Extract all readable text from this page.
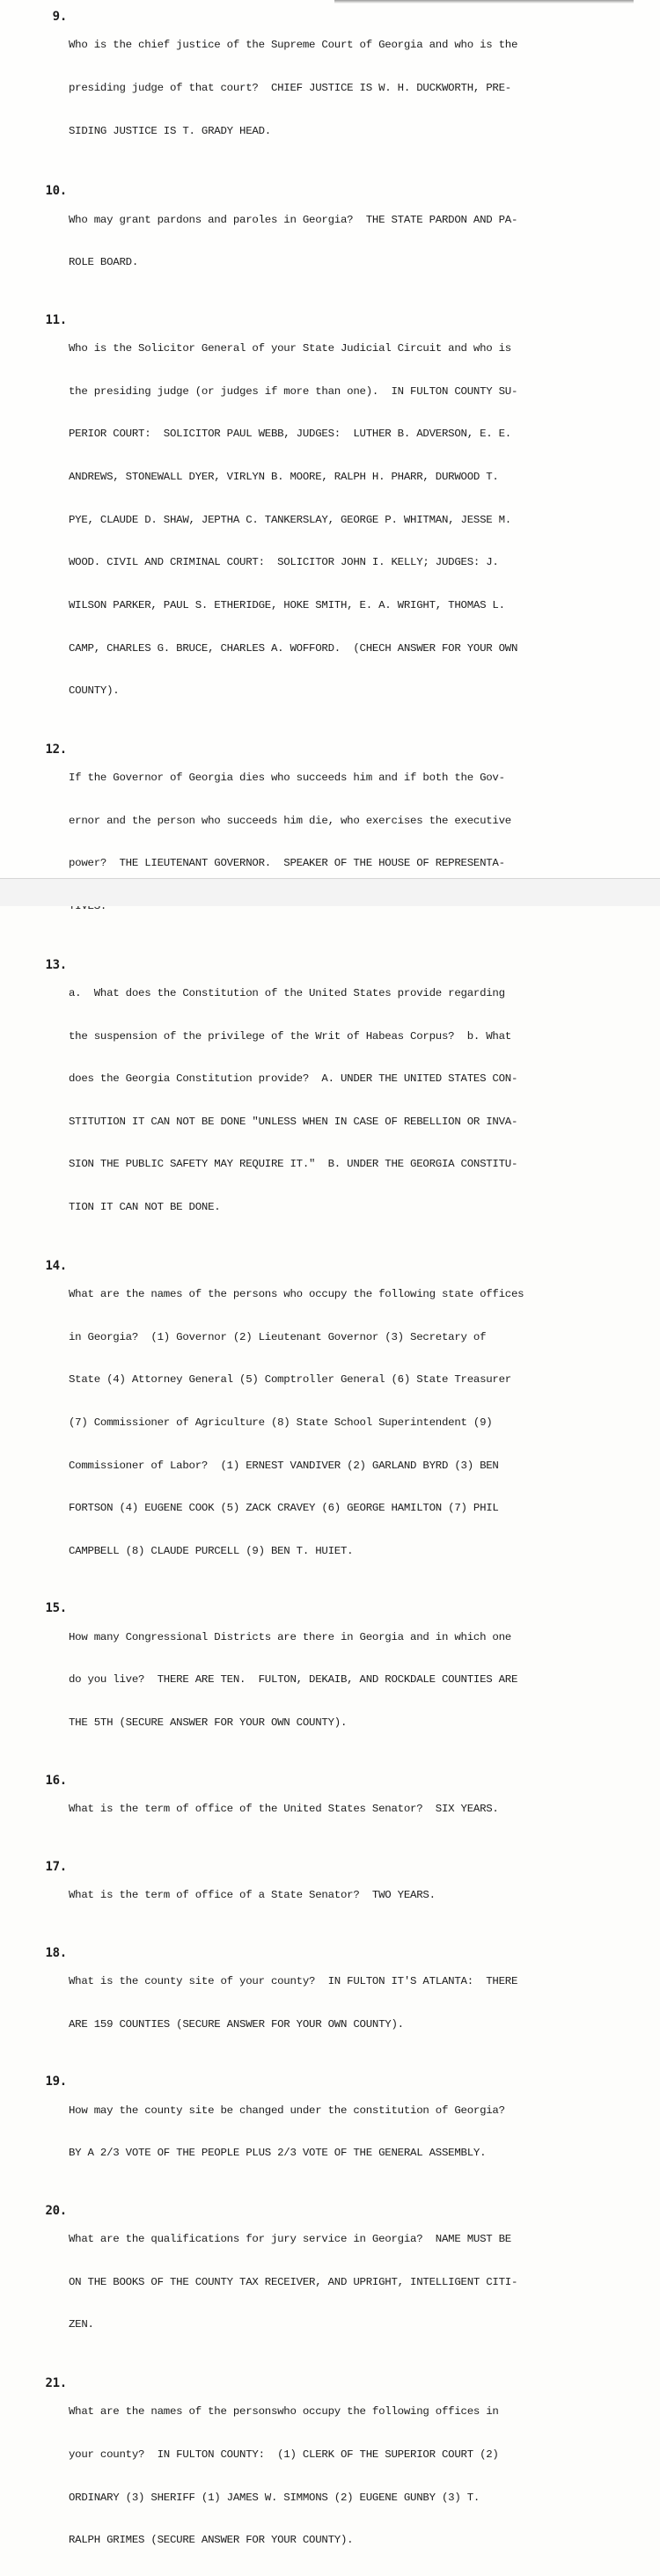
9.

Who is the chief justice of the Supreme Court of Georgia and who is the

presiding judge of that court?  CHIEF JUSTICE IS W. H. DUCKWORTH, PRE-

SIDING JUSTICE IS T. GRADY HEAD.

10.

Who may grant pardons and paroles in Georgia?  THE STATE PARDON AND PA-

ROLE BOARD.

11.

Who is the Solicitor General of your State Judicial Circuit and who is

the presiding judge (or judges if more than one).  IN FULTON COUNTY SU-

PERIOR COURT:  SOLICITOR PAUL WEBB, JUDGES:  LUTHER B. ADVERSON, E. E.

ANDREWS, STONEWALL DYER, VIRLYN B. MOORE, RALPH H. PHARR, DURWOOD T.

PYE, CLAUDE D. SHAW, JEPTHA C. TANKERSLAY, GEORGE P. WHITMAN, JESSE M.

WOOD. CIVIL AND CRIMINAL COURT:  SOLICITOR JOHN I. KELLY; JUDGES: J.

WILSON PARKER, PAUL S. ETHERIDGE, HOKE SMITH, E. A. WRIGHT, THOMAS L.

CAMP, CHARLES G. BRUCE, CHARLES A. WOFFORD.  (CHECH ANSWER FOR YOUR OWN

COUNTY).

12.

If the Governor of Georgia dies who succeeds him and if both the Gov-

ernor and the person who succeeds him die, who exercises the executive

power?  THE LIEUTENANT GOVERNOR.  SPEAKER OF THE HOUSE OF REPRESENTA-

13.

a.  What does the Constitution of the United States provide regarding

the suspension of the privilege of the Writ of Habeas Corpus?  b. What

does the Georgia Constitution provide?  A. UNDER THE UNITED STATES CON-

STITUTION IT CAN NOT BE DONE "UNLESS WHEN IN CASE OF REBELLION OR INVA-

SION THE PUBLIC SAFETY MAY REQUIRE IT."  B. UNDER THE GEORGIA CONSTITU-

TION IT CAN NOT BE DONE.

14.

What are the names of the persons who occupy the following state offices

in Georgia?  (1) Governor (2) Lieutenant Governor (3) Secretary of

State (4) Attorney General (5) Comptroller General (6) State Treasurer

(7) Commissioner of Agriculture (8) State School Superintendent (9)

Commissioner of Labor?  (1) ERNEST VANDIVER (2) GARLAND BYRD (3) BEN

FORTSON (4) EUGENE COOK (5) ZACK CRAVEY (6) GEORGE HAMILTON (7) PHIL

CAMPBELL (8) CLAUDE PURCELL (9) BEN T. HUIET.

15.

How many Congressional Districts are there in Georgia and in which one

do you live?  THERE ARE TEN.  FULTON, DEKAIB, AND ROCKDALE COUNTIES ARE

THE 5TH (SECURE ANSWER FOR YOUR OWN COUNTY).

16.

What is the term of office of the United States Senator?  SIX YEARS.

17.

What is the term of office of a State Senator?  TWO YEARS.

18.

What is the county site of your county?  IN FULTON IT'S ATLANTA:  THERE

ARE 159 COUNTIES (SECURE ANSWER FOR YOUR OWN COUNTY).

19.

How may the county site be changed under the constitution of Georgia?

BY A 2/3 VOTE OF THE PEOPLE PLUS 2/3 VOTE OF THE GENERAL ASSEMBLY.

20.

What are the qualifications for jury service in Georgia?  NAME MUST BE

ON THE BOOKS OF THE COUNTY TAX RECEIVER, AND UPRIGHT, INTELLIGENT CITI-

ZEN.

21.

What are the names of the personswho occupy the following offices in

your county?  IN FULTON COUNTY:  (1) CLERK OF THE SUPERIOR COURT (2)

ORDINARY (3) SHERIFF (1) JAMES W. SIMMONS (2) EUGENE GUNBY (3) T.

RALPH GRIMES (SECURE ANSWER FOR YOUR COUNTY).
